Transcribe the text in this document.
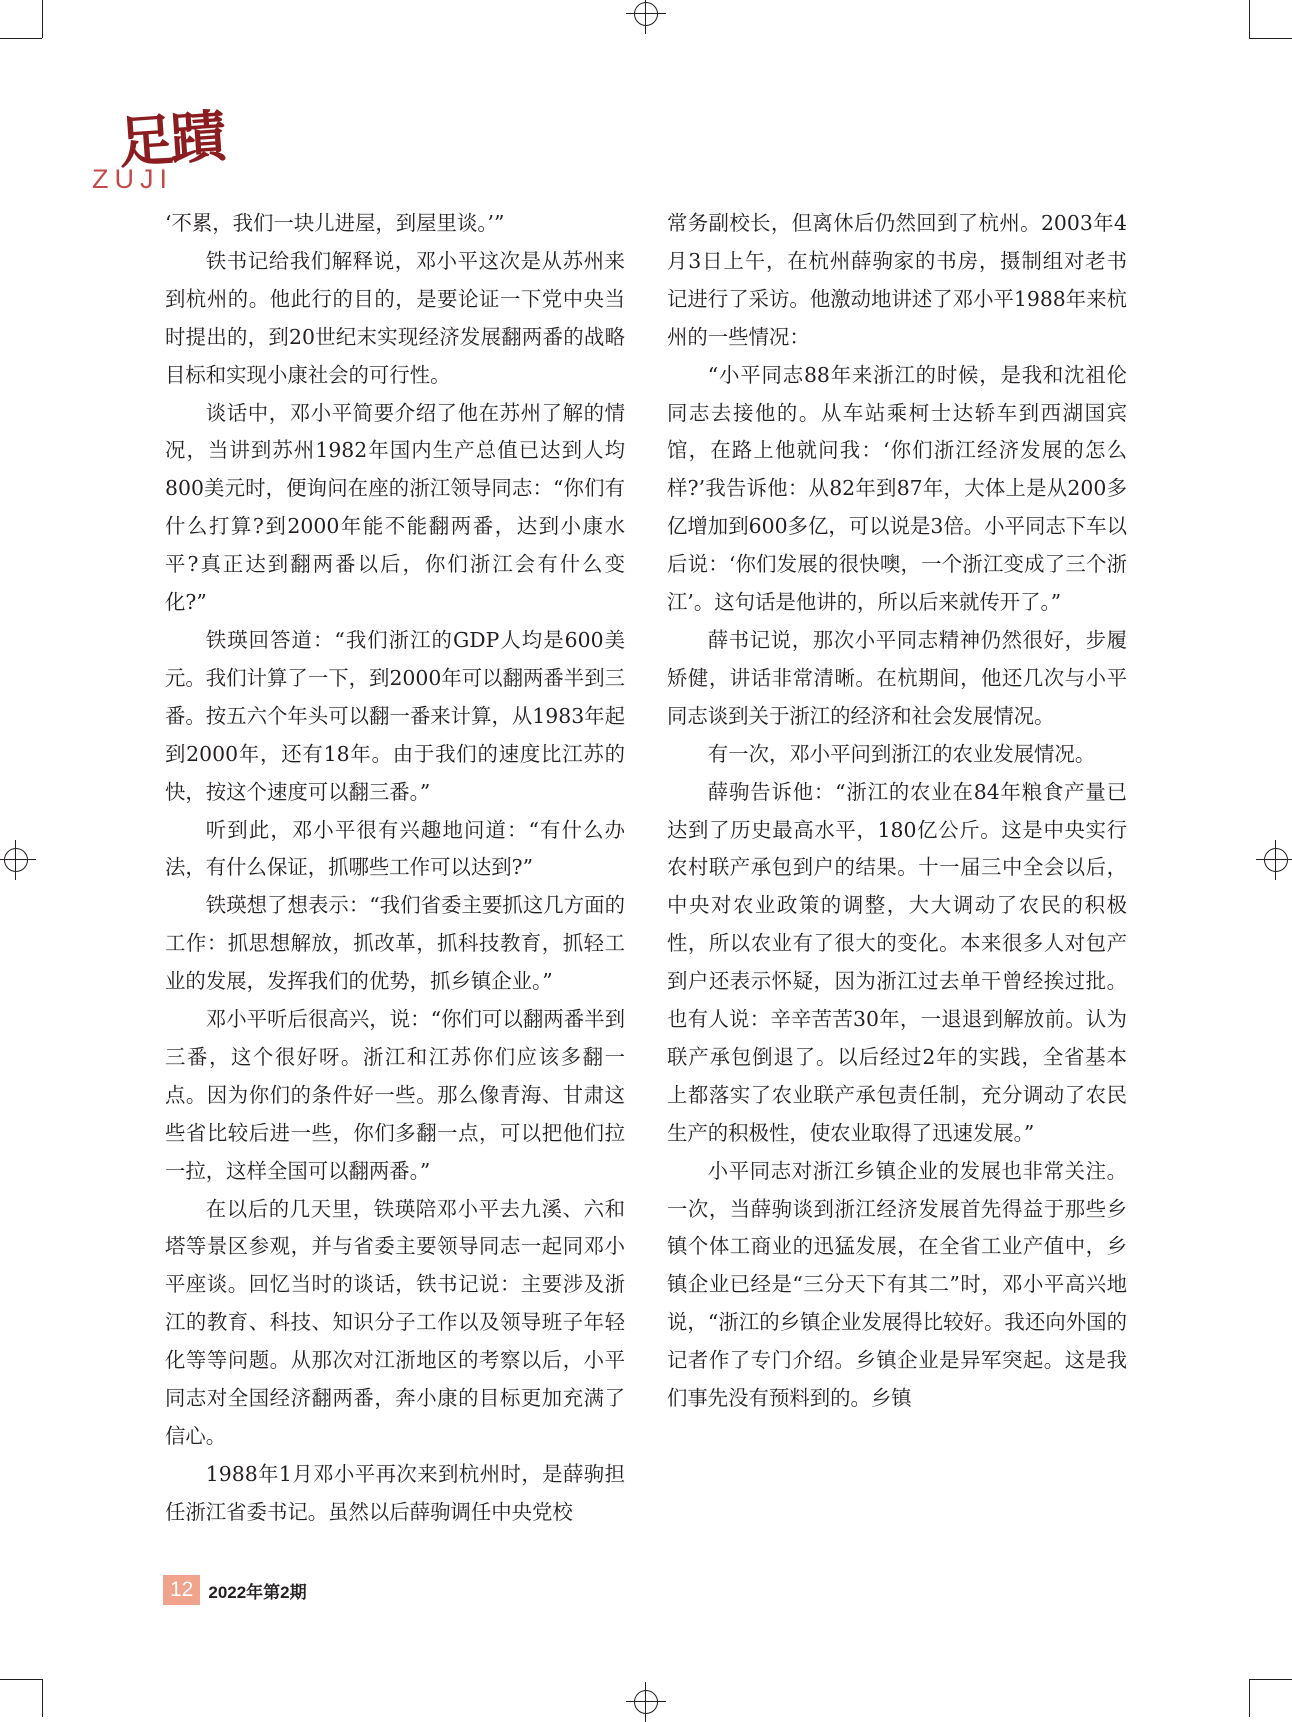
足蹟
ZUJI

‘不累，我们一块儿进屋，到屋里谈。’”

铁书记给我们解释说，邓小平这次是从苏州来到杭州的。他此行的目的，是要论证一下党中央当时提出的，到20世纪末实现经济发展翻两番的战略目标和实现小康社会的可行性。

谈话中，邓小平简要介绍了他在苏州了解的情况，当讲到苏州1982年国内生产总值已达到人均800美元时，便询问在座的浙江领导同志：“你们有什么打算?到2000年能不能翻两番，达到小康水平?真正达到翻两番以后，你们浙江会有什么变化?”

铁瑛回答道：“我们浙江的GDP人均是600美元。我们计算了一下，到2000年可以翻两番半到三番。按五六个年头可以翻一番来计算，从1983年起到2000年，还有18年。由于我们的速度比江苏的快，按这个速度可以翻三番。”

听到此，邓小平很有兴趣地问道：“有什么办法，有什么保证，抓哪些工作可以达到?”

铁瑛想了想表示：“我们省委主要抓这几方面的工作：抓思想解放，抓改革，抓科技教育，抓轻工业的发展，发挥我们的优势，抓乡镇企业。”

邓小平听后很高兴，说：“你们可以翻两番半到三番，这个很好呀。浙江和江苏你们应该多翻一点。因为你们的条件好一些。那么像青海、甘肃这些省比较后进一些，你们多翻一点，可以把他们拉一拉，这样全国可以翻两番。”

在以后的几天里，铁瑛陪邓小平去九溪、六和塔等景区参观，并与省委主要领导同志一起同邓小平座谈。回忆当时的谈话，铁书记说：主要涉及浙江的教育、科技、知识分子工作以及领导班子年轻化等等问题。从那次对江浙地区的考察以后，小平同志对全国经济翻两番，奔小康的目标更加充满了信心。

1988年1月邓小平再次来到杭州时，是薛驹担任浙江省委书记。虽然以后薛驹调任中央党校

常务副校长，但离休后仍然回到了杭州。2003年4月3日上午，在杭州薛驹家的书房，摄制组对老书记进行了采访。他激动地讲述了邓小平1988年来杭州的一些情况：

“小平同志88年来浙江的时候，是我和沈祖伦同志去接他的。从车站乘柯士达轿车到西湖国宾馆，在路上他就问我：‘你们浙江经济发展的怎么样?’我告诉他：从82年到87年，大体上是从200多亿增加到600多亿，可以说是3倍。小平同志下车以后说：‘你们发展的很快噢，一个浙江变成了三个浙江’。这句话是他讲的，所以后来就传开了。”

薛书记说，那次小平同志精神仍然很好，步履矫健，讲话非常清晰。在杭期间，他还几次与小平同志谈到关于浙江的经济和社会发展情况。

有一次，邓小平问到浙江的农业发展情况。

薛驹告诉他：“浙江的农业在84年粮食产量已达到了历史最高水平，180亿公斤。这是中央实行农村联产承包到户的结果。十一届三中全会以后，中央对农业政策的调整，大大调动了农民的积极性，所以农业有了很大的变化。本来很多人对包产到户还表示怀疑，因为浙江过去单干曾经挨过批。也有人说：辛辛苦苦30年，一退退到解放前。认为联产承包倒退了。以后经过2年的实践，全省基本上都落实了农业联产承包责任制，充分调动了农民生产的积极性，使农业取得了迅速发展。”

小平同志对浙江乡镇企业的发展也非常关注。一次，当薛驹谈到浙江经济发展首先得益于那些乡镇个体工商业的迅猛发展，在全省工业产值中，乡镇企业已经是“三分天下有其二”时，邓小平高兴地说，“浙江的乡镇企业发展得比较好。我还向外国的记者作了专门介绍。乡镇企业是异军突起。这是我们事先没有预料到的。乡镇

12 2022年第2期
